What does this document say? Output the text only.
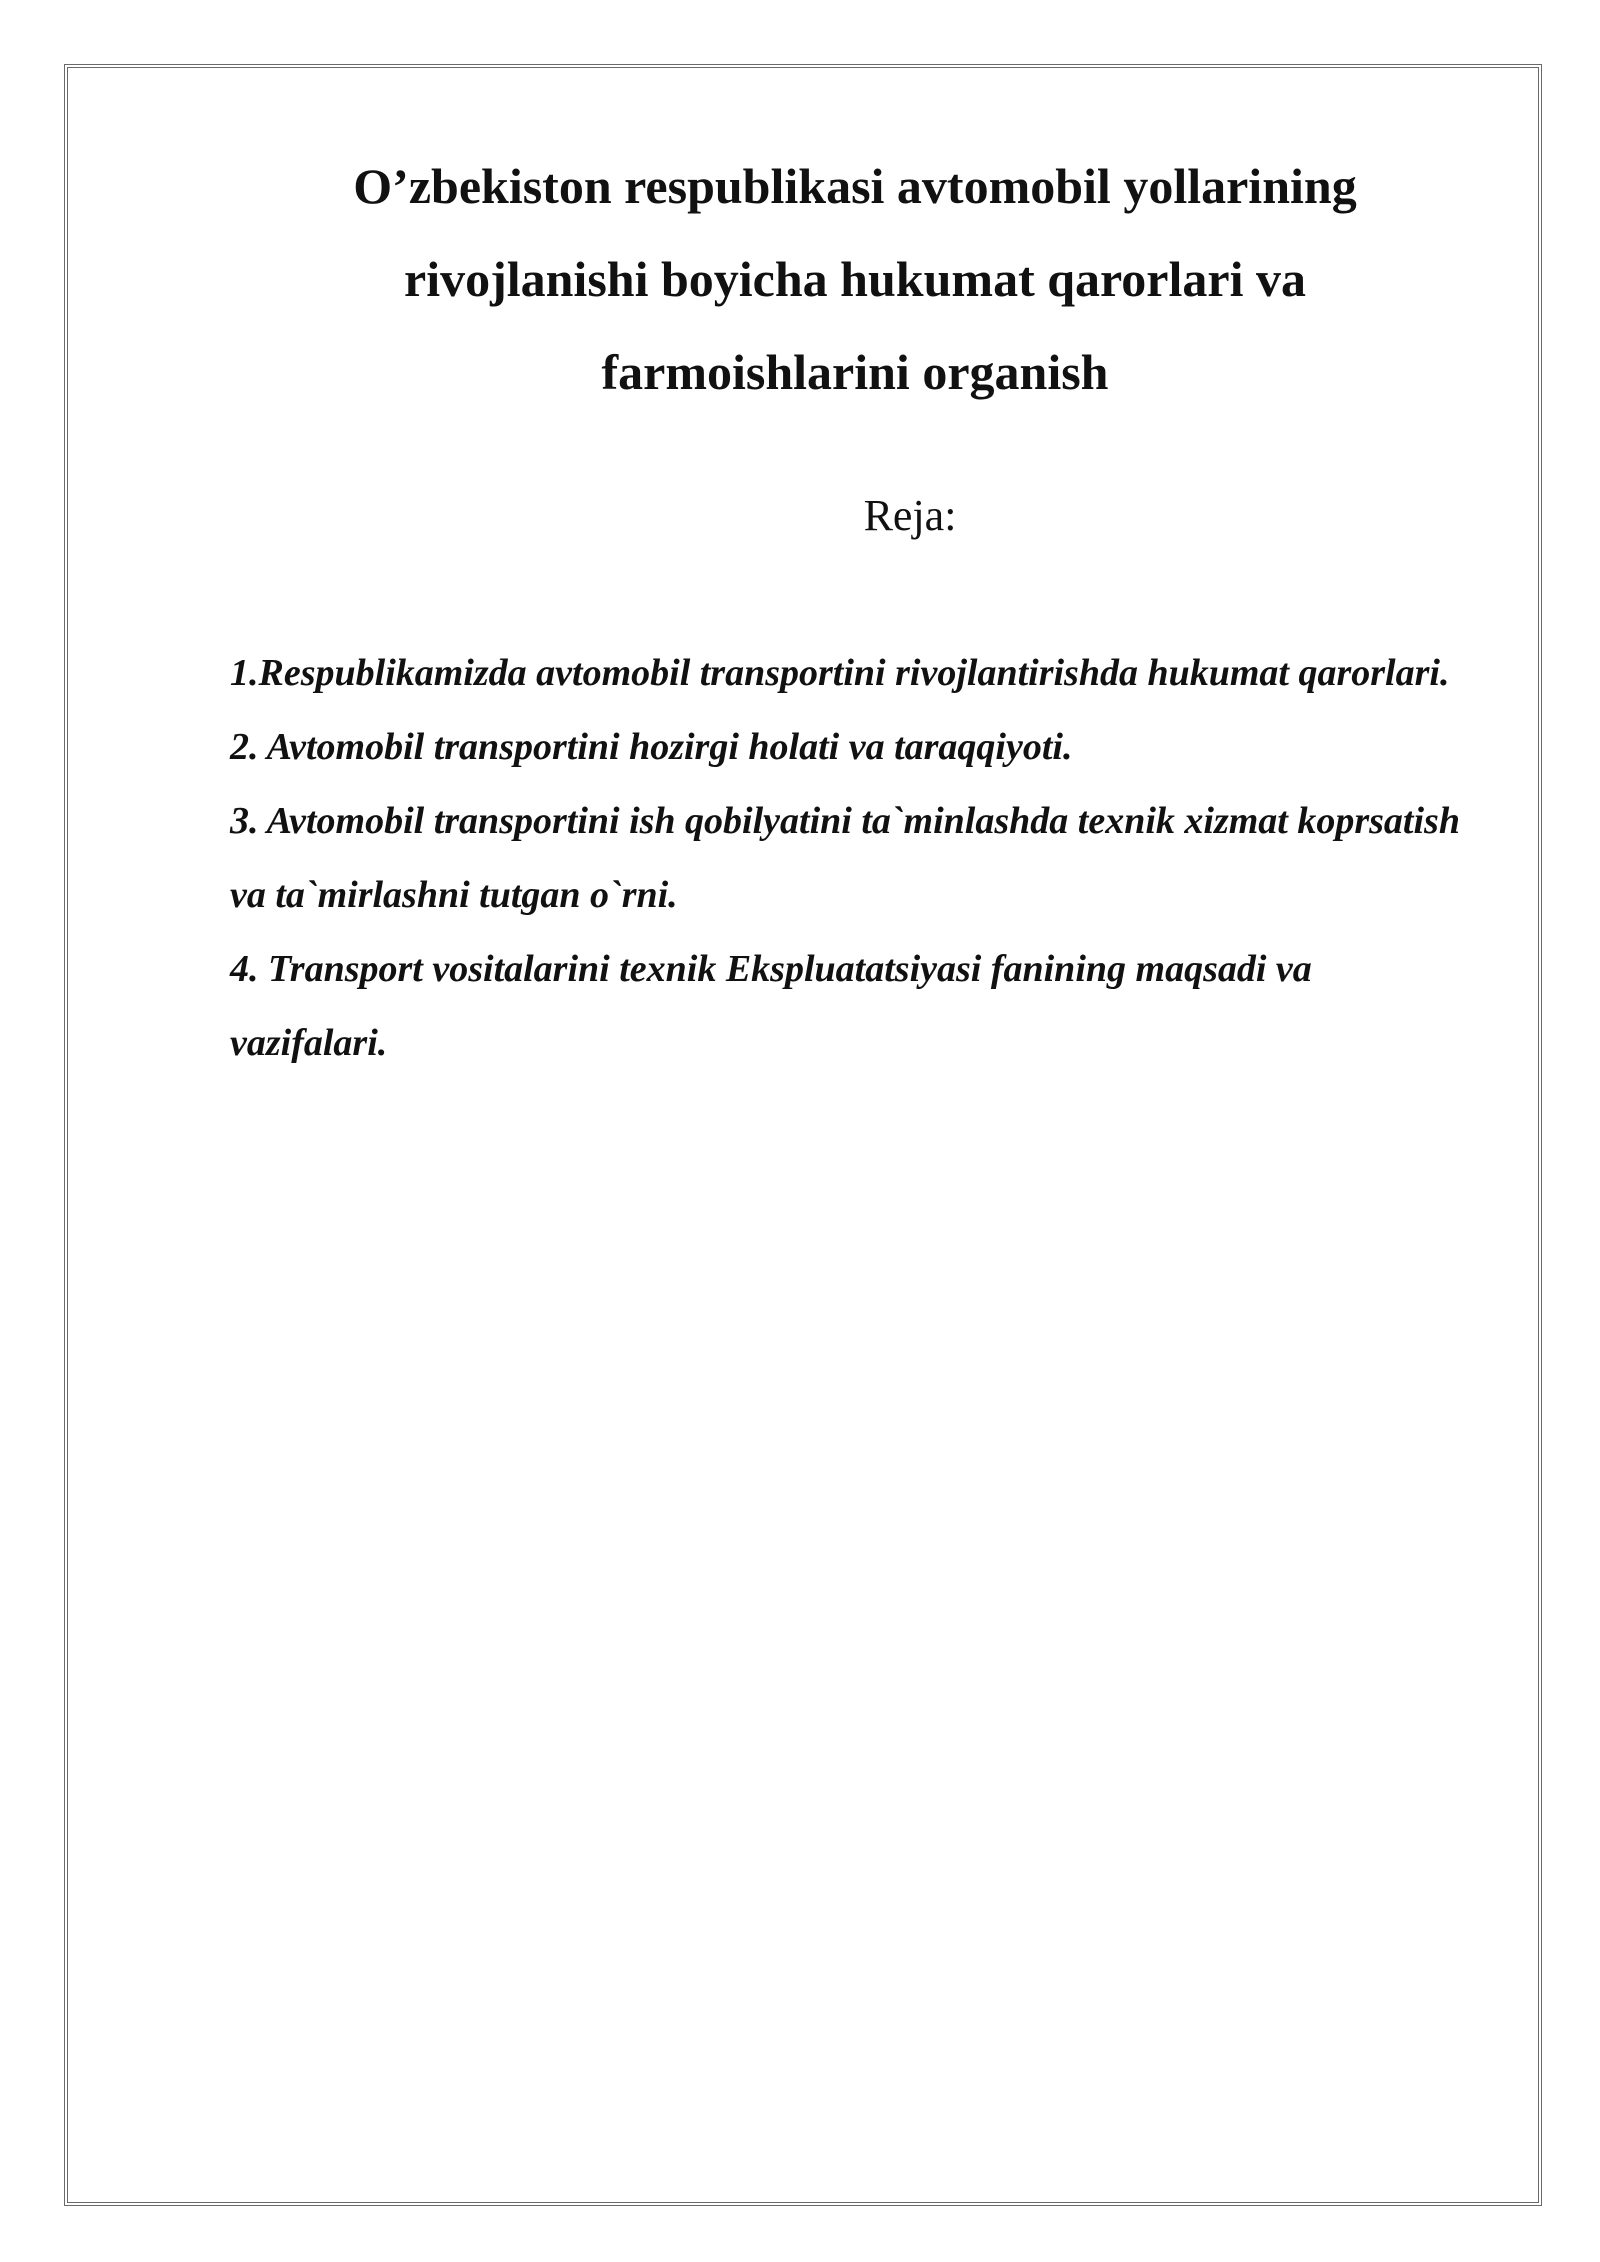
O’zbekiston respublikasi avtomobil yollarining rivojlanishi boyicha hukumat qarorlari va farmoishlarini organish
Reja:
1.Respublikamizda avtomobil transportini rivojlantirishda hukumat qarorlari.
2. Avtomobil transportini hozirgi holati va taraqqiyoti.
3. Avtomobil transportini ish qobilyatini ta`minlashda texnik xizmat koprsatish va ta`mirlashni tutgan o`rni.
4. Transport vositalarini texnik Ekspluatatsiyasi fanining maqsadi va vazifalari.
